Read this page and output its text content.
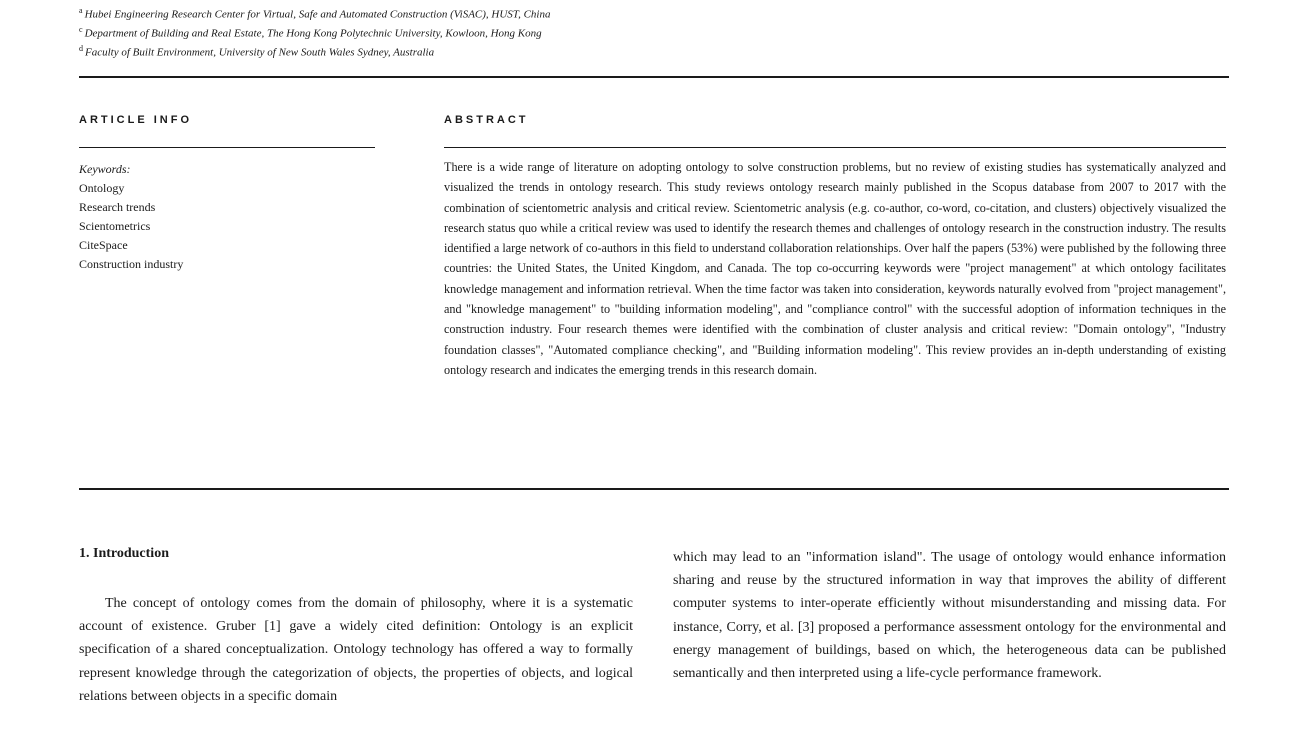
$^a$ Hubei Engineering Research Center for Virtual, Safe and Automated Construction (ViSAC), HUST, China
$^c$ Department of Building and Real Estate, The Hong Kong Polytechnic University, Kowloon, Hong Kong
$^d$ Faculty of Built Environment, University of New South Wales Sydney, Australia
ARTICLE INFO
Keywords:
Ontology
Research trends
Scientometrics
CiteSpace
Construction industry
ABSTRACT
There is a wide range of literature on adopting ontology to solve construction problems, but no review of existing studies has systematically analyzed and visualized the trends in ontology research. This study reviews ontology research mainly published in the Scopus database from 2007 to 2017 with the combination of scientometric analysis and critical review. Scientometric analysis (e.g. co-author, co-word, co-citation, and clusters) objectively visualized the research status quo while a critical review was used to identify the research themes and challenges of ontology research in the construction industry. The results identified a large network of co-authors in this field to understand collaboration relationships. Over half the papers (53%) were published by the following three countries: the United States, the United Kingdom, and Canada. The top co-occurring keywords were "project management" at which ontology facilitates knowledge management and information retrieval. When the time factor was taken into consideration, keywords naturally evolved from "project management", and "knowledge management" to "building information modeling", and "compliance control" with the successful adoption of information techniques in the construction industry. Four research themes were identified with the combination of cluster analysis and critical review: "Domain ontology", "Industry foundation classes", "Automated compliance checking", and "Building information modeling". This review provides an in-depth understanding of existing ontology research and indicates the emerging trends in this research domain.
1. Introduction
The concept of ontology comes from the domain of philosophy, where it is a systematic account of existence. Gruber [1] gave a widely cited definition: Ontology is an explicit specification of a shared conceptualization. Ontology technology has offered a way to formally represent knowledge through the categorization of objects, the properties of objects, and logical relations between objects in a specific domain
which may lead to an "information island". The usage of ontology would enhance information sharing and reuse by the structured information in way that improves the ability of different computer systems to inter-operate efficiently without misunderstanding and missing data. For instance, Corry, et al. [3] proposed a performance assessment ontology for the environmental and energy management of buildings, based on which, the heterogeneous data can be published semantically and then interpreted using a life-cycle performance framework.
